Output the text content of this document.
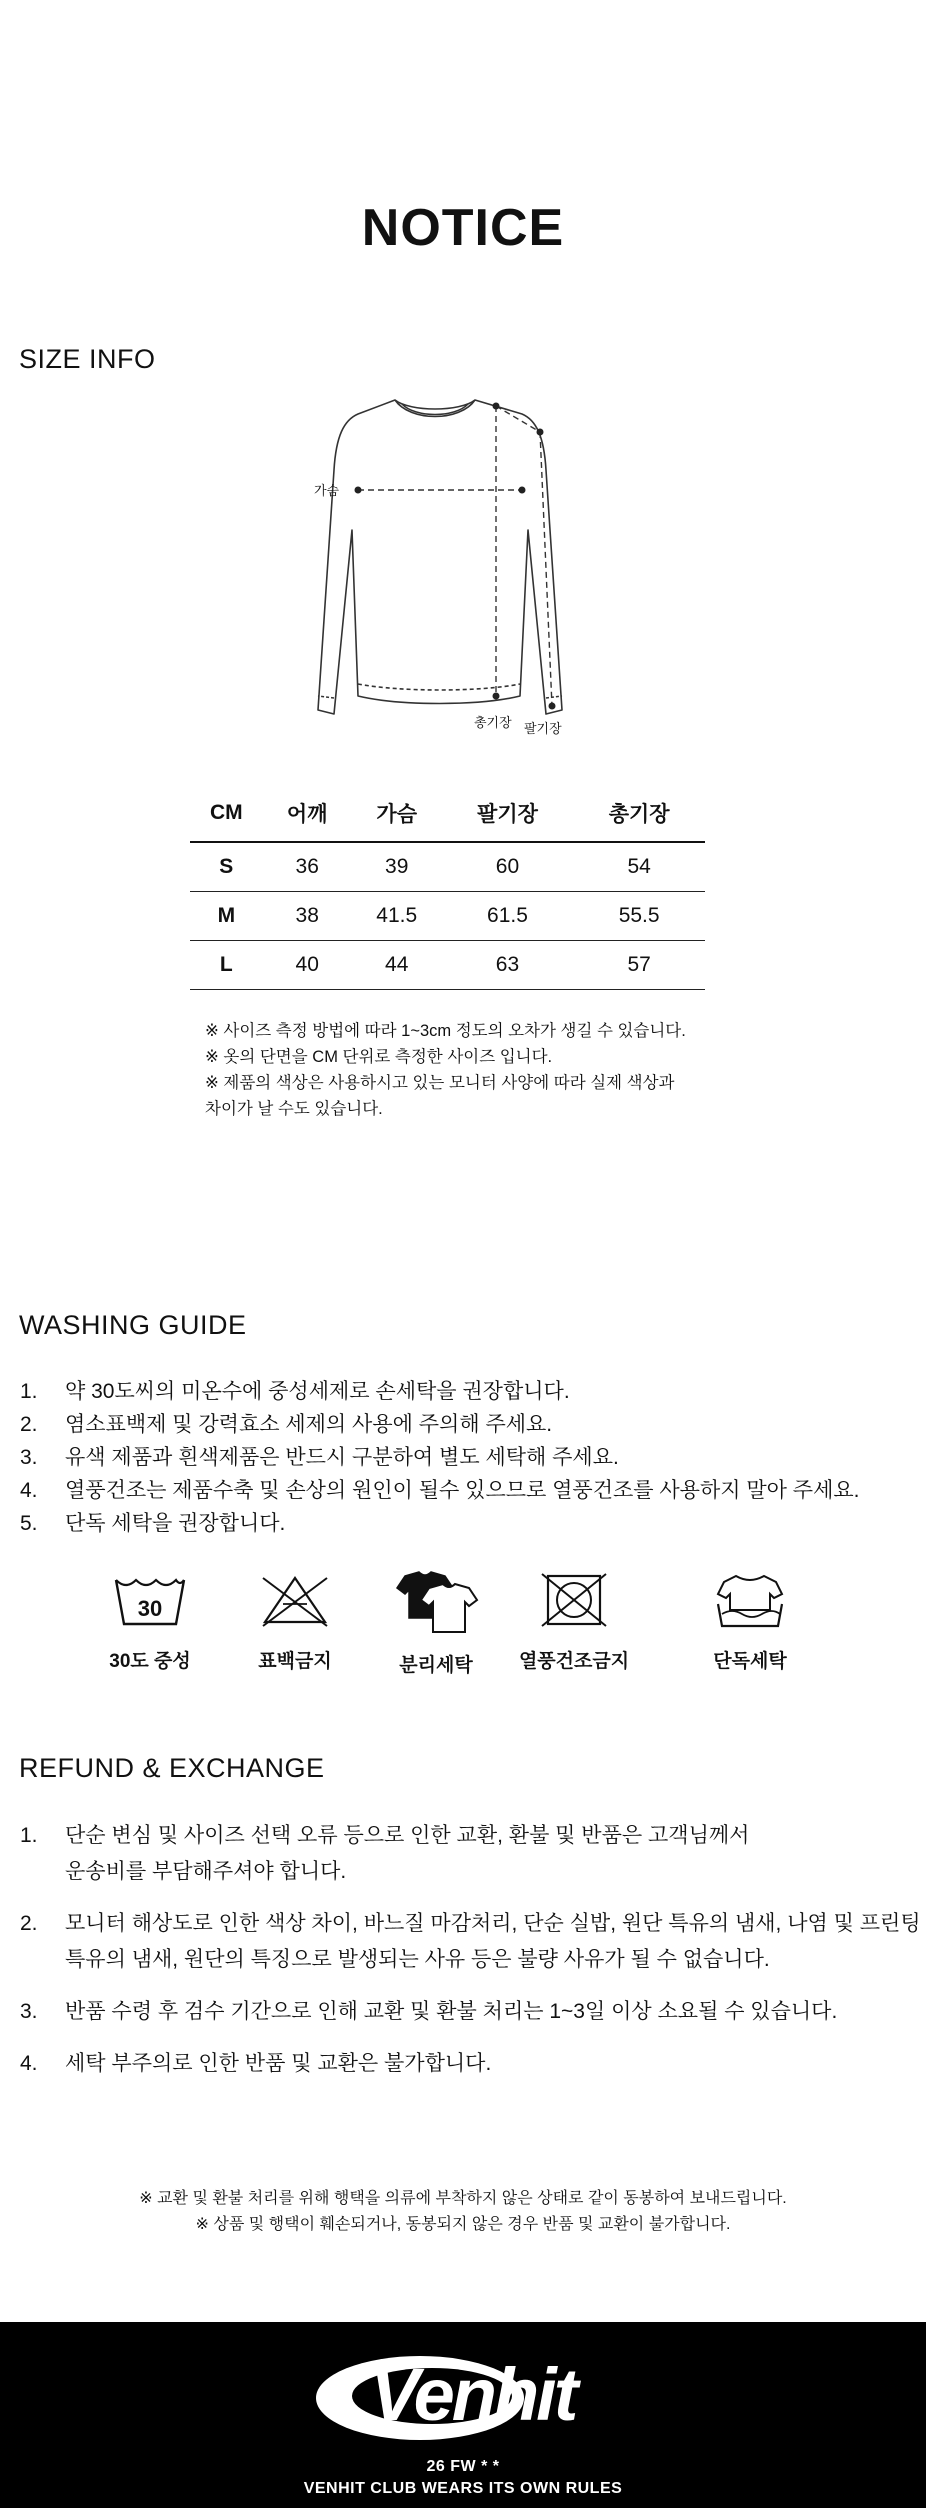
NOTICE
SIZE INFO
가슴
총기장 팔기장
CM	어깨	가슴	팔기장	총기장
S	36	39	60	54
M	38	41.5	61.5	55.5
L	40	44	63	57
※ 사이즈 측정 방법에 따라 1~3cm 정도의 오차가 생길 수 있습니다.
※ 옷의 단면을 CM 단위로 측정한 사이즈 입니다.
※ 제품의 색상은 사용하시고 있는 모니터 사양에 따라 실제 색상과
차이가 날 수도 있습니다.
WASHING GUIDE
1.	약 30도씨의 미온수에 중성세제로 손세탁을 권장합니다.
2.	염소표백제 및 강력효소 세제의 사용에 주의해 주세요.
3.	유색 제품과 흰색제품은 반드시 구분하여 별도 세탁해 주세요.
4.	열풍건조는 제품수축 및 손상의 원인이 될수 있으므로 열풍건조를 사용하지 말아 주세요.
5.	단독 세탁을 권장합니다.
30
30도 중성	표백금지	분리세탁	열풍건조금지	단독세탁
REFUND & EXCHANGE
1.	단순 변심 및 사이즈 선택 오류 등으로 인한 교환, 환불 및 반품은 고객님께서
운송비를 부담해주셔야 합니다.
2.	모니터 해상도로 인한 색상 차이, 바느질 마감처리, 단순 실밥, 원단 특유의 냄새, 나염 및 프린팅
특유의 냄새, 원단의 특징으로 발생되는 사유 등은 불량 사유가 될 수 없습니다.
3.	반품 수령 후 검수 기간으로 인해 교환 및 환불 처리는 1~3일 이상 소요될 수 있습니다.
4.	세탁 부주의로 인한 반품 및 교환은 불가합니다.
※ 교환 및 환불 처리를 위해 행택을 의류에 부착하지 않은 상태로 같이 동봉하여 보내드립니다.
※ 상품 및 행택이 훼손되거나, 동봉되지 않은 경우 반품 및 교환이 불가합니다.
Venhit
26 FW * *
VENHIT CLUB WEARS ITS OWN RULES
